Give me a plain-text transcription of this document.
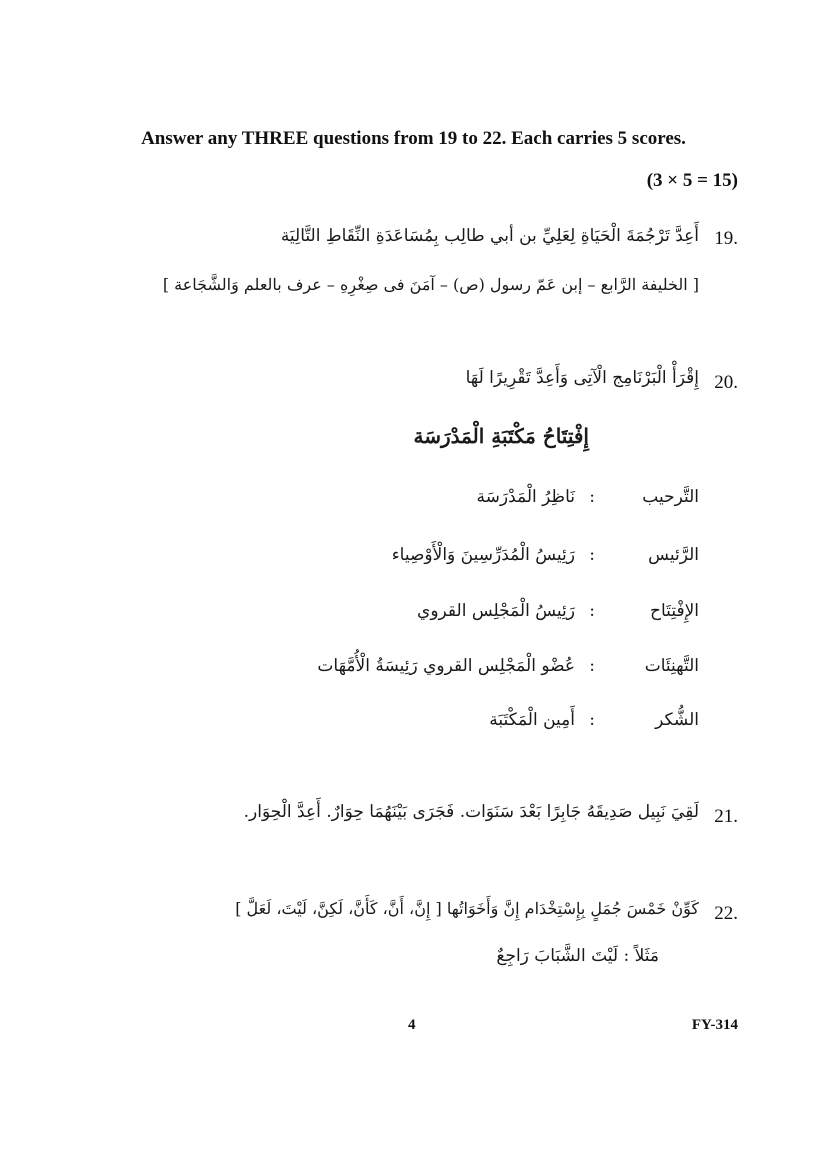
Answer any THREE questions from 19 to 22. Each carries 5 scores.
(3 × 5 = 15)
19.
أَعِدَّ تَرْجُمَةَ الْحَيَاةِ لِعَلِيِّ بن أبي طالِب بِمُسَاعَدَةِ النِّقَاطِ التَّالِيَة
[ الخليفة الرَّابع – إبن عَمّ رسول (ص) – آمَنَ فى صِغْرِهِ – عرف بالعلم وَالشَّجَاعة ]
20.
إِقْرَأْ الْبَرْنَامِج الْآتِى وَأَعِدَّ تَقْرِيرًا لَهَا
إِفْتِتَاحُ مَكْتَبَةِ الْمَدْرَسَة
التَّرحيب
:
نَاظِرُ الْمَدْرَسَة
الرَّئيس
:
رَئِيسُ الْمُدَرِّسِينَ وَالْأَوْصِياء
الإِفْتِتَاح
:
رَئِيسُ الْمَجْلِس القروي
التَّهنِئَات
:
عُضْو الْمَجْلِس القروي رَئِيسَةُ الْأُمَّهَات
الشُّكر
:
أَمِين الْمَكْتَبَة
21.
لَقِيَ نَبِيل صَدِيقَهُ جَابِرًا بَعْدَ سَنَوَات. فَجَرَى بَيْنَهُمَا حِوَارٌ. أَعِدَّ الْحِوَار.
22.
كَوِّنْ خَمْسَ جُمَلٍ بِإِسْتِخْدَام إِنَّ وَأَخَوَاتُها [ إِنَّ، أَنَّ، كَأَنَّ، لَكِنَّ، لَيْتَ، لَعَلَّ ]
مَثَلاً : لَيْتَ الشَّبَابَ رَاجِعٌ
4	FY-314
